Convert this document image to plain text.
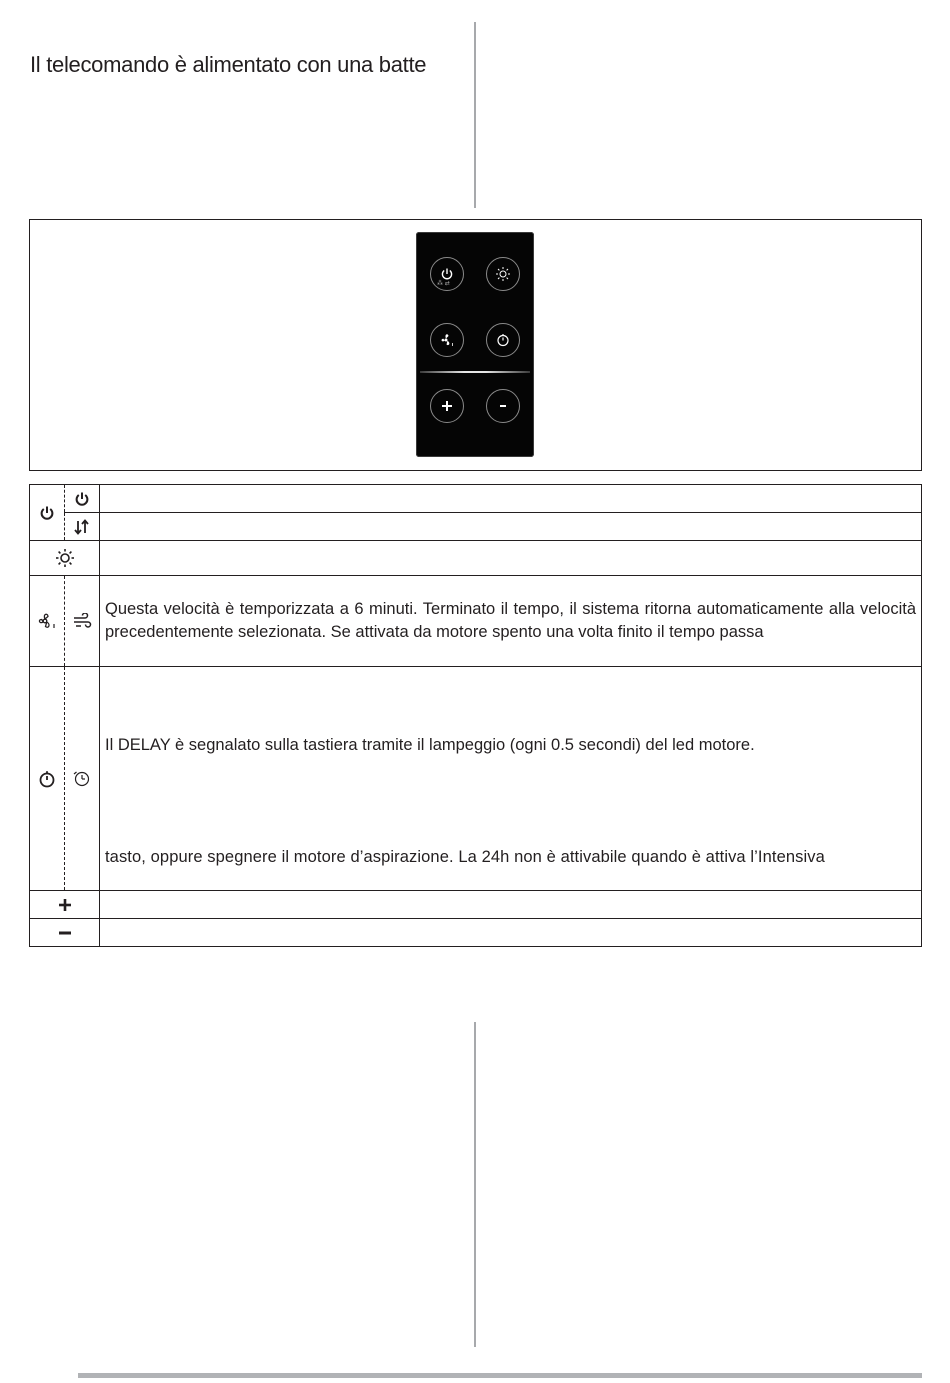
Il telecomando è alimentato con una batte
⁂ ⇄

	Questa velocità è temporizzata a 6 minuti. Terminato il tempo, il sistema ritorna automaticamente alla velocità precedentemente selezionata. Se attivata da motore spento una volta finito il tempo passa

Il DELAY è segnalato sulla tastiera tramite il lampeggio (ogni 0.5 secondi) del led motore.
tasto, oppure spegnere il motore d’aspirazione. La 24h non è attivabile quando è attiva l’Intensiva
